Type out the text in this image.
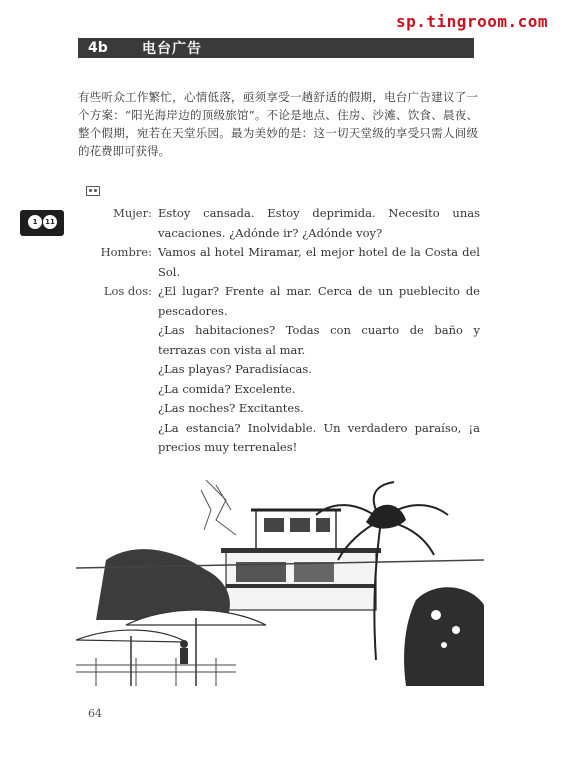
sp.tingroom.com
4b	电台广告
有些听众工作繁忙，心情低落，亟须享受一趟舒适的假期，电台广告建议了一个方案：“阳光海岸边的顶级旅馆”。不论是地点、住房、沙滩、饮食、晨夜、整个假期，宛若在天堂乐园。最为美妙的是：这一切天堂级的享受只需人间级的花费即可获得。
1	11
Mujer: Estoy cansada. Estoy deprimida. Necesito unas vacaciones. ¿Adónde ir? ¿Adónde voy?
Hombre: Vamos al hotel Miramar, el mejor hotel de la Costa del Sol.
Los dos: ¿El lugar? Frente al mar. Cerca de un pueblecito de pescadores.
¿Las habitaciones? Todas con cuarto de baño y terrazas con vista al mar.
¿Las playas? Paradisíacas.
¿La comida? Excelente.
¿Las noches? Excitantes.
¿La estancia? Inolvidable. Un verdadero paraíso, ¡a precios muy terrenales!
64
